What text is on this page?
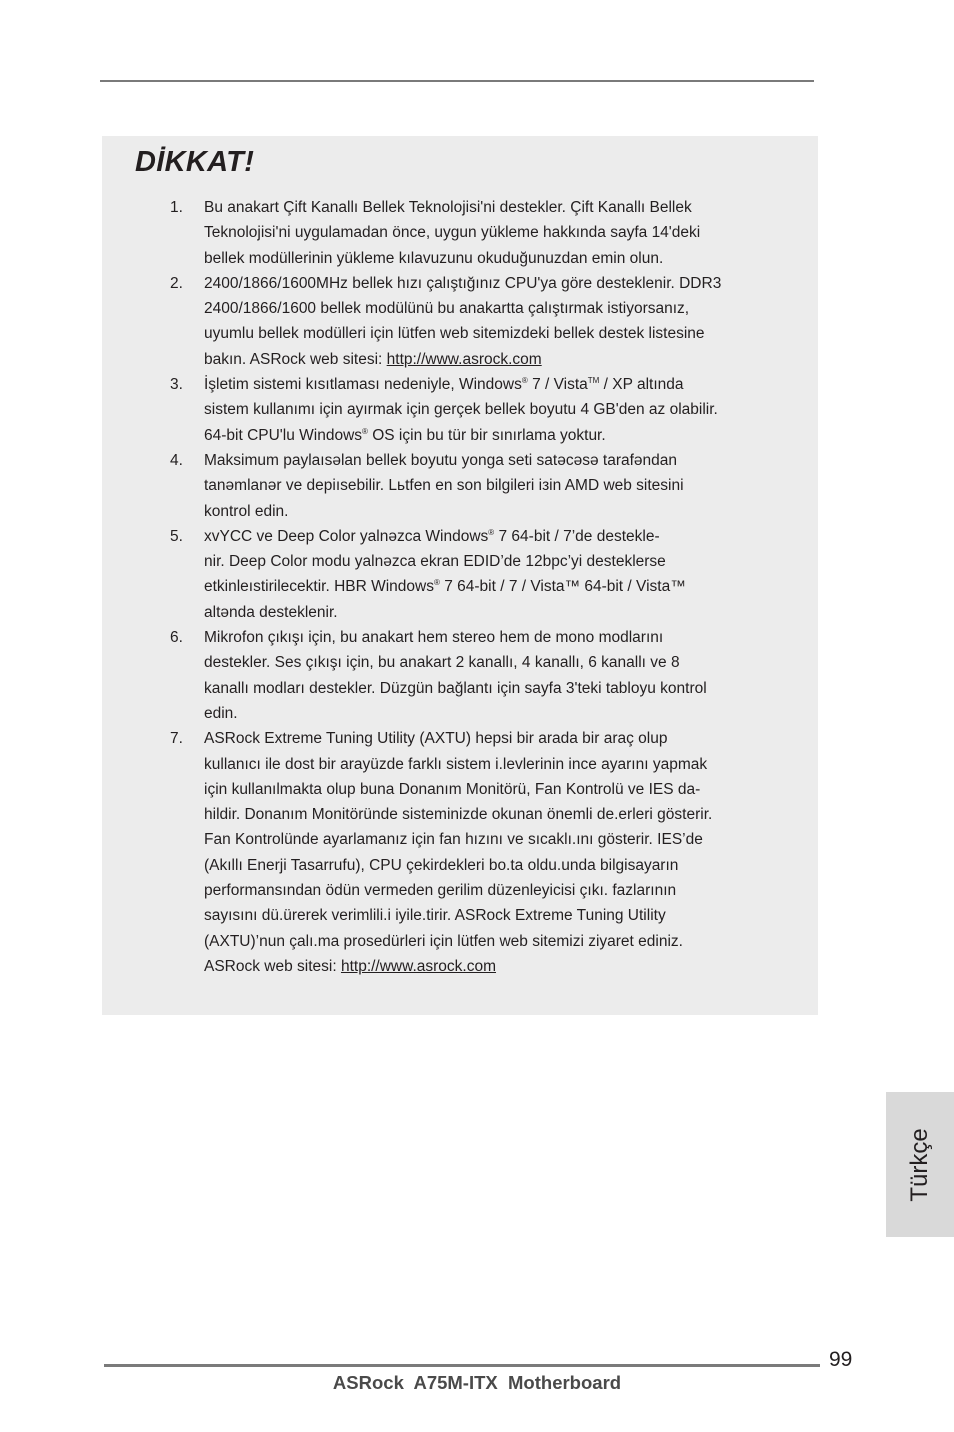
DİKKAT!
1. Bu anakart Çift Kanallı Bellek Teknolojisi'ni destekler. Çift Kanallı Bellek
Teknolojisi'ni uygulamadan önce, uygun yükleme hakkında sayfa 14'deki
bellek modüllerinin yükleme kılavuzunu okuduğunuzdan emin olun.
2. 2400/1866/1600MHz bellek hızı çalıştığınız CPU'ya göre desteklenir. DDR3
2400/1866/1600 bellek modülünü bu anakartta çalıştırmak istiyorsanız,
uyumlu bellek modülleri için lütfen web sitemizdeki bellek destek listesine
bakın. ASRock web sitesi: http://www.asrock.com
3. İşletim sistemi kısıtlaması nedeniyle, Windows® 7 / Vista™ / XP altında
sistem kullanımı için ayırmak için gerçek bellek boyutu 4 GB'den az olabilir.
64-bit CPU'lu Windows® OS için bu tür bir sınırlama yoktur.
4. Maksimum paylaısəlan bellek boyutu yonga seti satəcəsə tarafəndan
tanəmlanər ve depiısebilir. Lьtfen en son bilgileri iзin AMD web sitesini
kontrol edin.
5. xvYCC ve Deep Color yalnəzca Windows® 7 64-bit / 7’de destekle-
nir. Deep Color modu yalnəzca ekran EDID’de 12bpc’yi desteklerse
etkinleıstirilecektir. HBR Windows® 7 64-bit / 7 / Vista™ 64-bit / Vista™
altənda desteklenir.
6. Mikrofon çıkışı için, bu anakart hem stereo hem de mono modlarını
destekler. Ses çıkışı için, bu anakart 2 kanallı, 4 kanallı, 6 kanallı ve 8
kanallı modları destekler. Düzgün bağlantı için sayfa 3'teki tabloyu kontrol
edin.
7. ASRock Extreme Tuning Utility (AXTU) hepsi bir arada bir araç olup
kullanıcı ile dost bir arayüzde farklı sistem i.levlerinin ince ayarını yapmak
için kullanılmakta olup buna Donanım Monitörü, Fan Kontrolü ve IES da-
hildir. Donanım Monitöründe sisteminizde okunan önemli de.erleri gösterir.
Fan Kontrolünde ayarlamanız için fan hızını ve sıcaklı.ını gösterir. IES’de
(Akıllı Enerji Tasarrufu), CPU çekirdekleri bo.ta oldu.unda bilgisayarın
performansından ödün vermeden gerilim düzenleyicisi çıkı. fazlarının
sayısını dü.ürerek verimlili.i iyile.tirir. ASRock Extreme Tuning Utility
(AXTU)’nun çalı.ma prosedürleri için lütfen web sitemizi ziyaret ediniz.
ASRock web sitesi: http://www.asrock.com
Türkçe
99
ASRock  A75M-ITX  Motherboard
